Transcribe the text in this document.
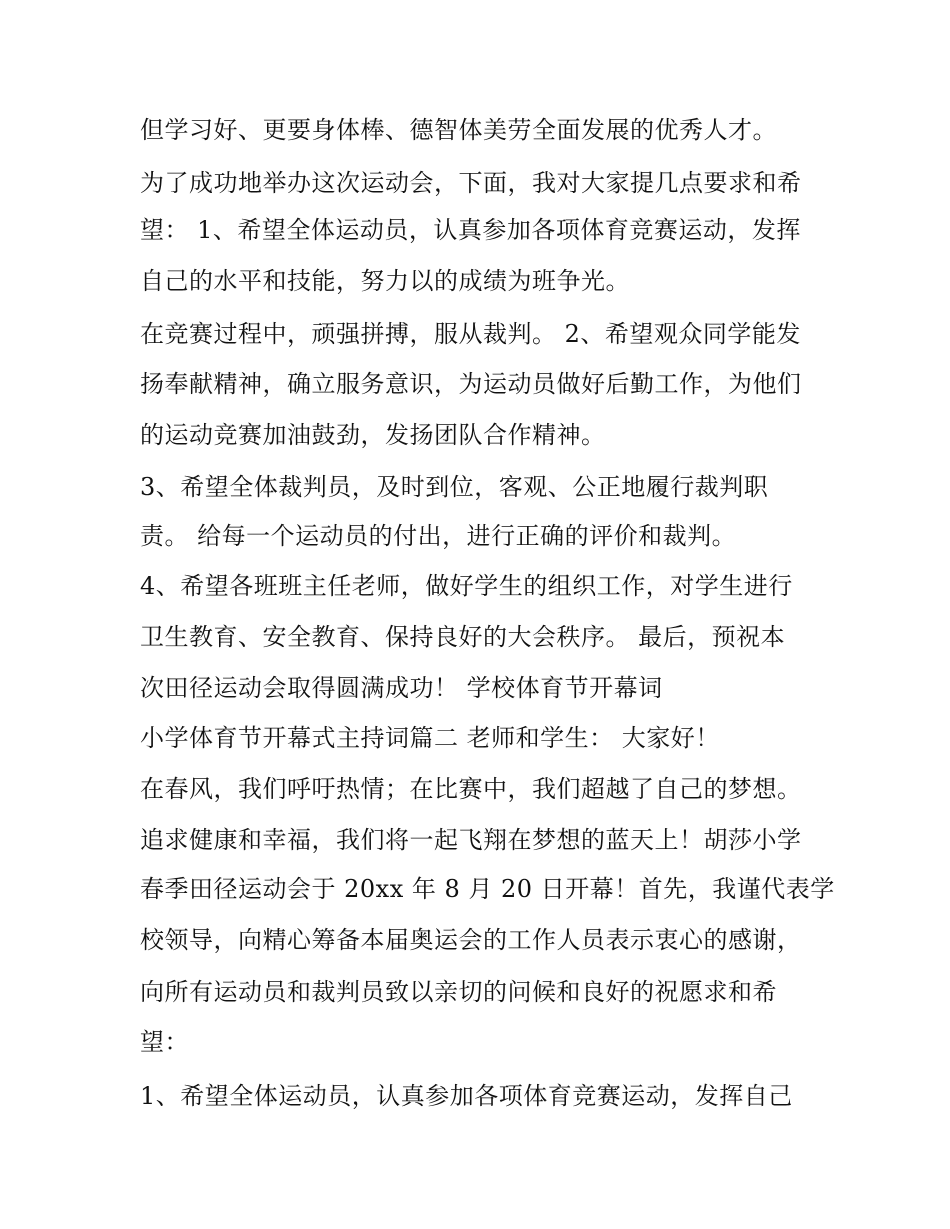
但学习好、更要身体棒、德智体美劳全面发展的优秀人才。
为了成功地举办这次运动会，下面，我对大家提几点要求和希
望： 1、希望全体运动员，认真参加各项体育竞赛运动，发挥
自己的水平和技能，努力以的成绩为班争光。
在竞赛过程中，顽强拼搏，服从裁判。 2、希望观众同学能发
扬奉献精神，确立服务意识，为运动员做好后勤工作，为他们
的运动竞赛加油鼓劲，发扬团队合作精神。
3、希望全体裁判员，及时到位，客观、公正地履行裁判职
责。 给每一个运动员的付出，进行正确的评价和裁判。
4、希望各班班主任老师，做好学生的组织工作，对学生进行
卫生教育、安全教育、保持良好的大会秩序。 最后，预祝本
次田径运动会取得圆满成功！ 学校体育节开幕词
小学体育节开幕式主持词篇二 老师和学生： 大家好！
在春风，我们呼吁热情；在比赛中，我们超越了自己的梦想。
追求健康和幸福，我们将一起飞翔在梦想的蓝天上！胡莎小学
春季田径运动会于 20xx 年 8 月 20 日开幕！首先，我谨代表学
校领导，向精心筹备本届奥运会的工作人员表示衷心的感谢，
向所有运动员和裁判员致以亲切的问候和良好的祝愿求和希
望：
1、希望全体运动员，认真参加各项体育竞赛运动，发挥自己
